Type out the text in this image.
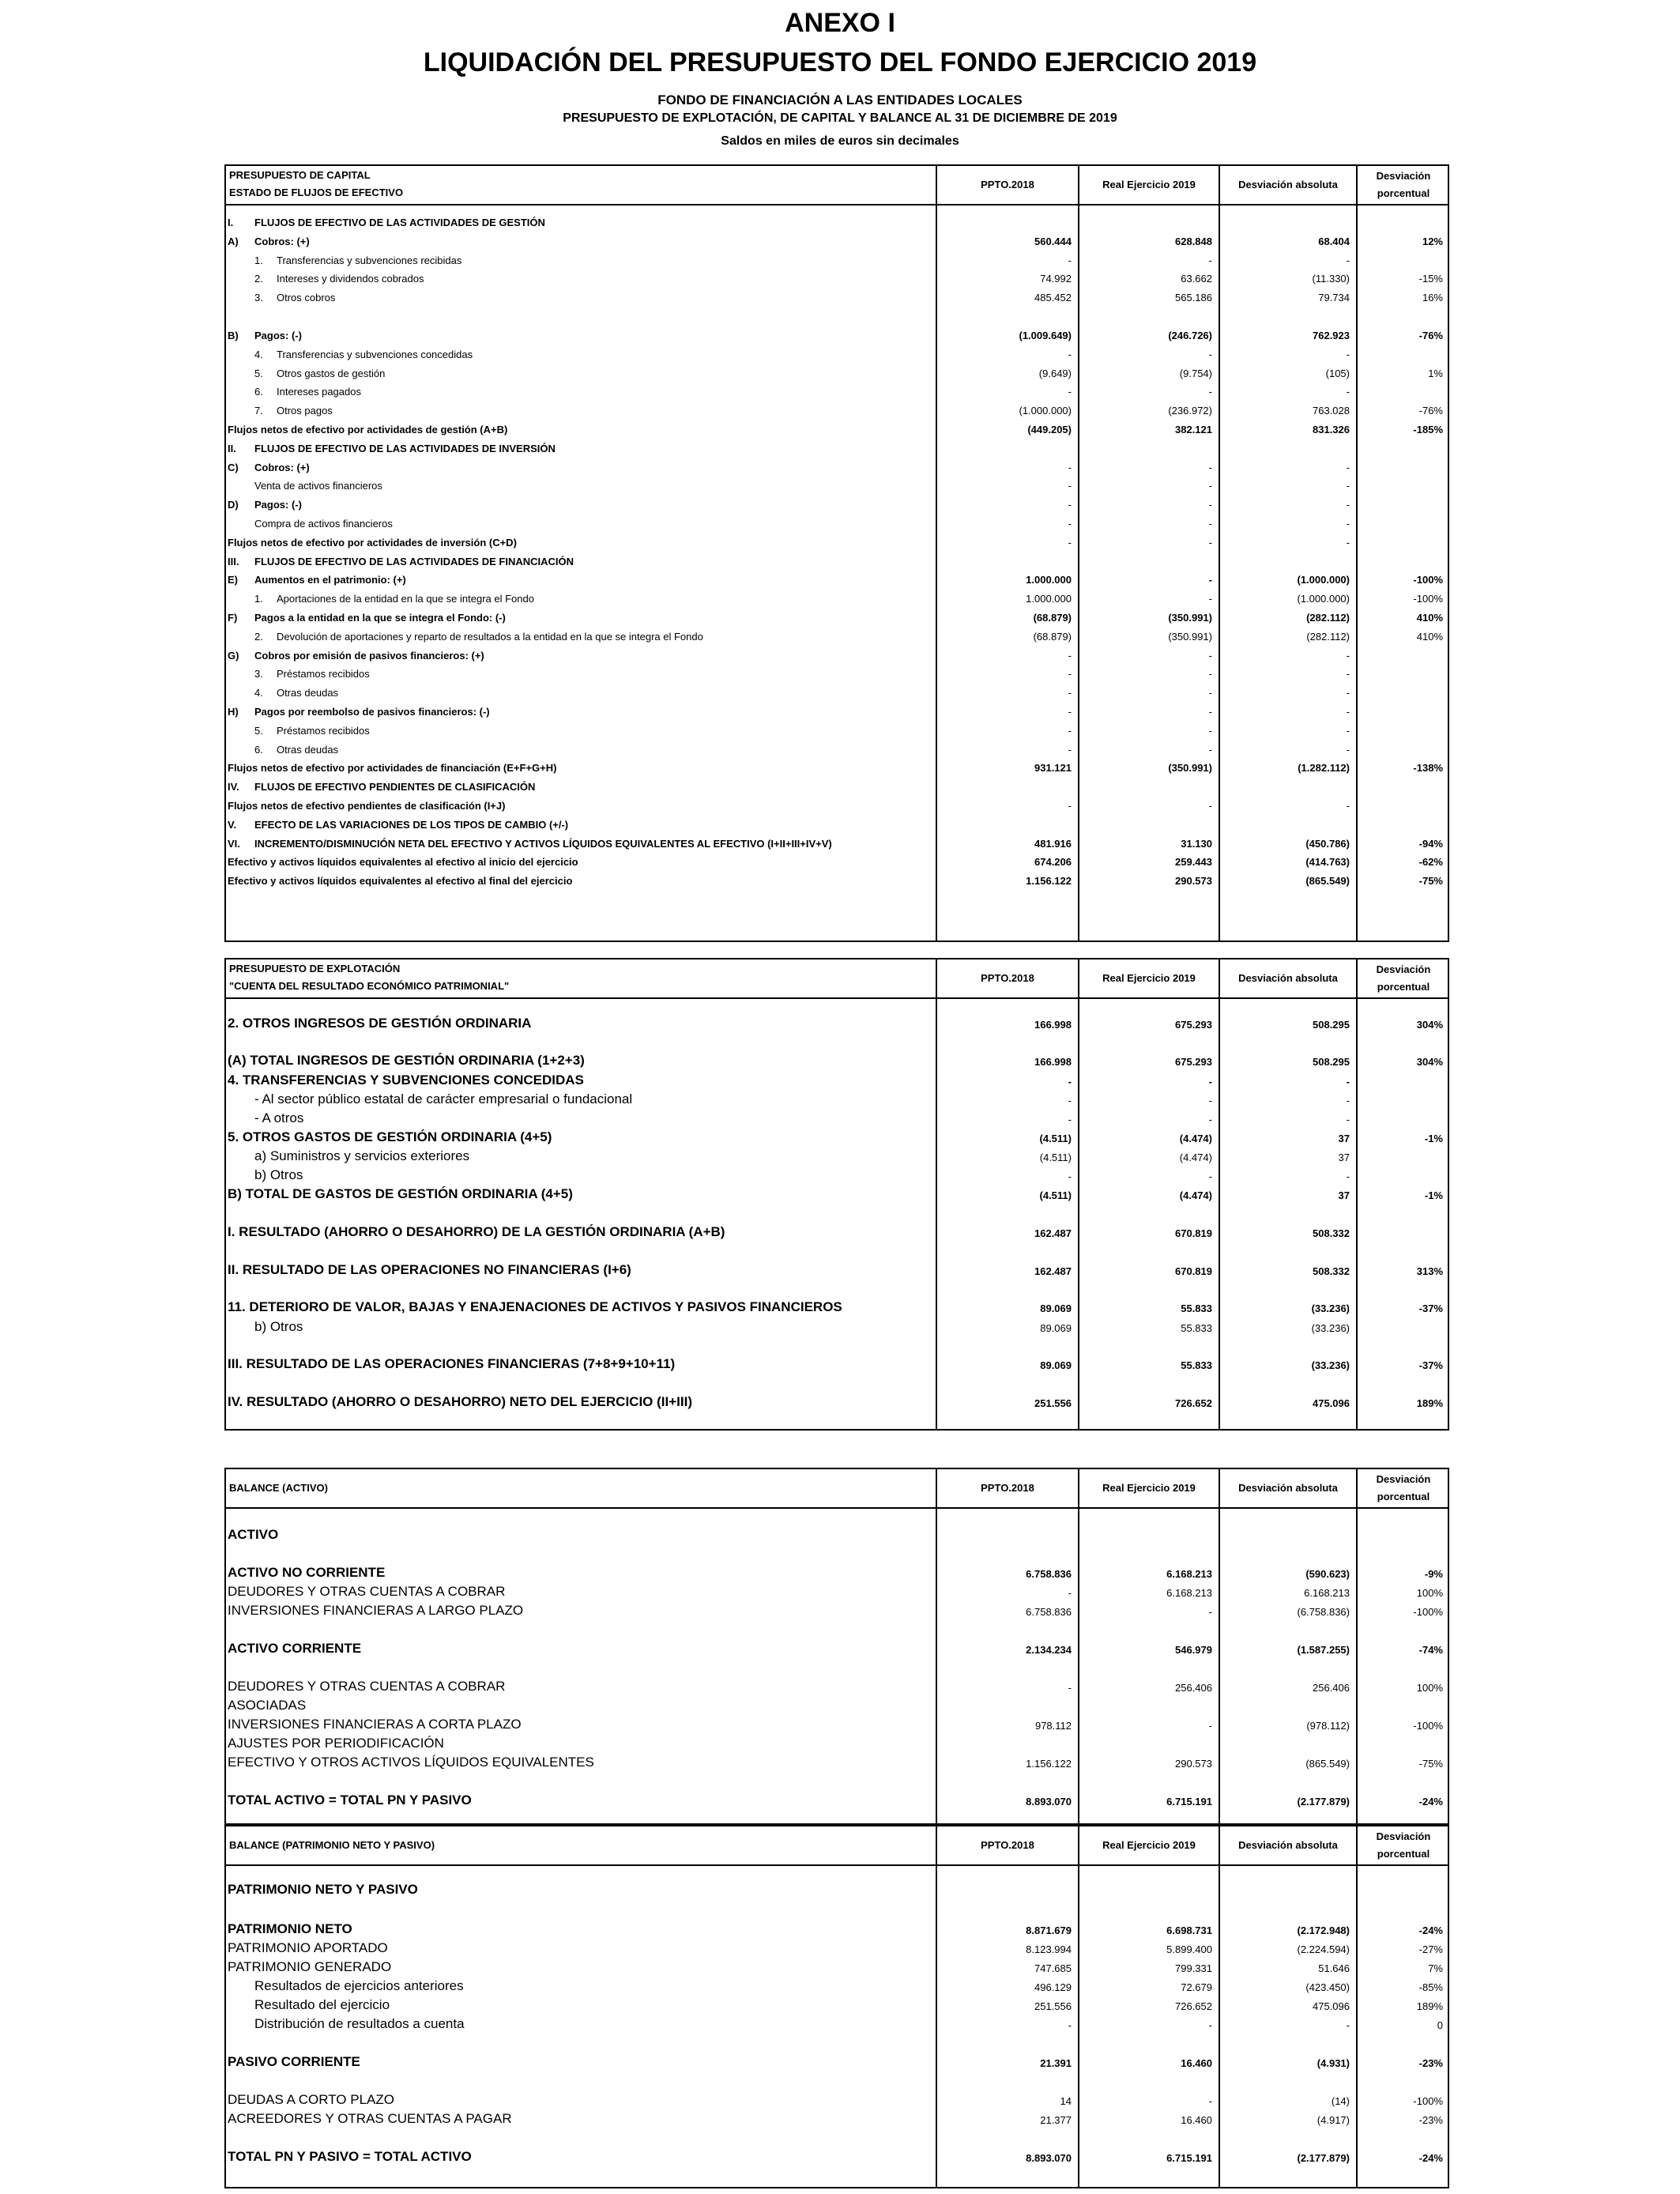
ANEXO I
LIQUIDACIÓN DEL PRESUPUESTO DEL FONDO EJERCICIO 2019
FONDO DE FINANCIACIÓN A LAS ENTIDADES LOCALES
PRESUPUESTO DE EXPLOTACIÓN, DE CAPITAL Y BALANCE AL 31 DE DICIEMBRE DE 2019
Saldos en miles de euros sin decimales
PRESUPUESTO DE CAPITAL
ESTADO DE FLUJOS DE EFECTIVO
PPTO.2018	Real Ejercicio 2019	Desviación absoluta
Desviación
porcentual
I. FLUJOS DE EFECTIVO DE LAS ACTIVIDADES DE GESTIÓN
A) Cobros: (+)	560.444	628.848	68.404	12%
1. Transferencias y subvenciones recibidas	-	-	-
2. Intereses y dividendos cobrados	74.992	63.662	(11.330)	-15%
3. Otros cobros	485.452	565.186	79.734	16%
B) Pagos: (-)	(1.009.649)	(246.726)	762.923	-76%
4. Transferencias y subvenciones concedidas	-	-	-
5. Otros gastos de gestión	(9.649)	(9.754)	(105)	1%
6. Intereses pagados	-	-	-
7. Otros pagos	(1.000.000)	(236.972)	763.028	-76%
Flujos netos de efectivo por actividades de gestión (A+B)	(449.205)	382.121	831.326	-185%
II. FLUJOS DE EFECTIVO DE LAS ACTIVIDADES DE INVERSIÓN
C) Cobros: (+)	-	-	-
Venta de activos financieros	-	-	-
D) Pagos: (-)	-	-	-
Compra de activos financieros	-	-	-
Flujos netos de efectivo por actividades de inversión (C+D)	-	-	-
III. FLUJOS DE EFECTIVO DE LAS ACTIVIDADES DE FINANCIACIÓN
E) Aumentos en el patrimonio: (+)	1.000.000	-	(1.000.000)	-100%
1. Aportaciones de la entidad en la que se integra el Fondo	1.000.000	-	(1.000.000)	-100%
F) Pagos a la entidad en la que se integra el Fondo: (-)	(68.879)	(350.991)	(282.112)	410%
2. Devolución de aportaciones y reparto de resultados a la entidad en la que se integra el Fondo	(68.879)	(350.991)	(282.112)	410%
G) Cobros por emisión de pasivos financieros: (+)	-	-	-
3. Préstamos recibidos	-	-	-
4. Otras deudas	-	-	-
H) Pagos por reembolso de pasivos financieros: (-)	-	-	-
5. Préstamos recibidos	-	-	-
6. Otras deudas	-	-	-
Flujos netos de efectivo por actividades de financiación (E+F+G+H)	931.121	(350.991)	(1.282.112)	-138%
IV. FLUJOS DE EFECTIVO PENDIENTES DE CLASIFICACIÓN
Flujos netos de efectivo pendientes de clasificación (I+J)	-	-	-
V. EFECTO DE LAS VARIACIONES DE LOS TIPOS DE CAMBIO (+/-)
VI. INCREMENTO/DISMINUCIÓN NETA DEL EFECTIVO Y ACTIVOS LÍQUIDOS EQUIVALENTES AL EFECTIVO (I+II+III+IV+V)	481.916	31.130	(450.786)	-94%
Efectivo y activos líquidos equivalentes al efectivo al inicio del ejercicio	674.206	259.443	(414.763)	-62%
Efectivo y activos líquidos equivalentes al efectivo al final del ejercicio	1.156.122	290.573	(865.549)	-75%
PRESUPUESTO DE EXPLOTACIÓN
"CUENTA DEL RESULTADO ECONÓMICO PATRIMONIAL"
PPTO.2018	Real Ejercicio 2019	Desviación absoluta
Desviación
porcentual
2. OTROS INGRESOS DE GESTIÓN ORDINARIA	166.998	675.293	508.295	304%
(A) TOTAL INGRESOS DE GESTIÓN ORDINARIA (1+2+3)	166.998	675.293	508.295	304%
4. TRANSFERENCIAS Y SUBVENCIONES CONCEDIDAS	-	-	-
- Al sector público estatal de carácter empresarial o fundacional	-	-	-
- A otros	-	-	-
5. OTROS GASTOS DE GESTIÓN ORDINARIA (4+5)	(4.511)	(4.474)	37	-1%
a) Suministros y servicios exteriores	(4.511)	(4.474)	37
b) Otros	-	-	-
B) TOTAL DE GASTOS DE GESTIÓN ORDINARIA (4+5)	(4.511)	(4.474)	37	-1%
I. RESULTADO (AHORRO O DESAHORRO) DE LA GESTIÓN ORDINARIA (A+B)	162.487	670.819	508.332
II. RESULTADO DE LAS OPERACIONES NO FINANCIERAS (I+6)	162.487	670.819	508.332	313%
11. DETERIORO DE VALOR, BAJAS Y ENAJENACIONES DE ACTIVOS Y PASIVOS FINANCIEROS	89.069	55.833	(33.236)	-37%
b) Otros	89.069	55.833	(33.236)
III. RESULTADO DE LAS OPERACIONES FINANCIERAS (7+8+9+10+11)	89.069	55.833	(33.236)	-37%
IV. RESULTADO (AHORRO O DESAHORRO) NETO DEL EJERCICIO (II+III)	251.556	726.652	475.096	189%
BALANCE (ACTIVO)	PPTO.2018	Real Ejercicio 2019	Desviación absoluta
Desviación
porcentual
ACTIVO
ACTIVO NO CORRIENTE	6.758.836	6.168.213	(590.623)	-9%
DEUDORES Y OTRAS CUENTAS A COBRAR	-	6.168.213	6.168.213	100%
INVERSIONES FINANCIERAS A LARGO PLAZO	6.758.836	-	(6.758.836)	-100%
ACTIVO CORRIENTE	2.134.234	546.979	(1.587.255)	-74%
DEUDORES Y OTRAS CUENTAS A COBRAR	-	256.406	256.406	100%
ASOCIADAS
INVERSIONES FINANCIERAS A CORTA PLAZO	978.112	-	(978.112)	-100%
AJUSTES POR PERIODIFICACIÓN
EFECTIVO Y OTROS ACTIVOS LÍQUIDOS EQUIVALENTES	1.156.122	290.573	(865.549)	-75%
TOTAL ACTIVO = TOTAL PN Y PASIVO	8.893.070	6.715.191	(2.177.879)	-24%
BALANCE (PATRIMONIO NETO Y PASIVO)	PPTO.2018	Real Ejercicio 2019	Desviación absoluta
Desviación
porcentual
PATRIMONIO NETO Y PASIVO
PATRIMONIO NETO	8.871.679	6.698.731	(2.172.948)	-24%
PATRIMONIO APORTADO	8.123.994	5.899.400	(2.224.594)	-27%
PATRIMONIO GENERADO	747.685	799.331	51.646	7%
Resultados de ejercicios anteriores	496.129	72.679	(423.450)	-85%
Resultado del ejercicio	251.556	726.652	475.096	189%
Distribución de resultados a cuenta	-	-	-	0
PASIVO CORRIENTE	21.391	16.460	(4.931)	-23%
DEUDAS A CORTO PLAZO	14	-	(14)	-100%
ACREEDORES Y OTRAS CUENTAS A PAGAR	21.377	16.460	(4.917)	-23%
TOTAL PN Y PASIVO = TOTAL ACTIVO	8.893.070	6.715.191	(2.177.879)	-24%
